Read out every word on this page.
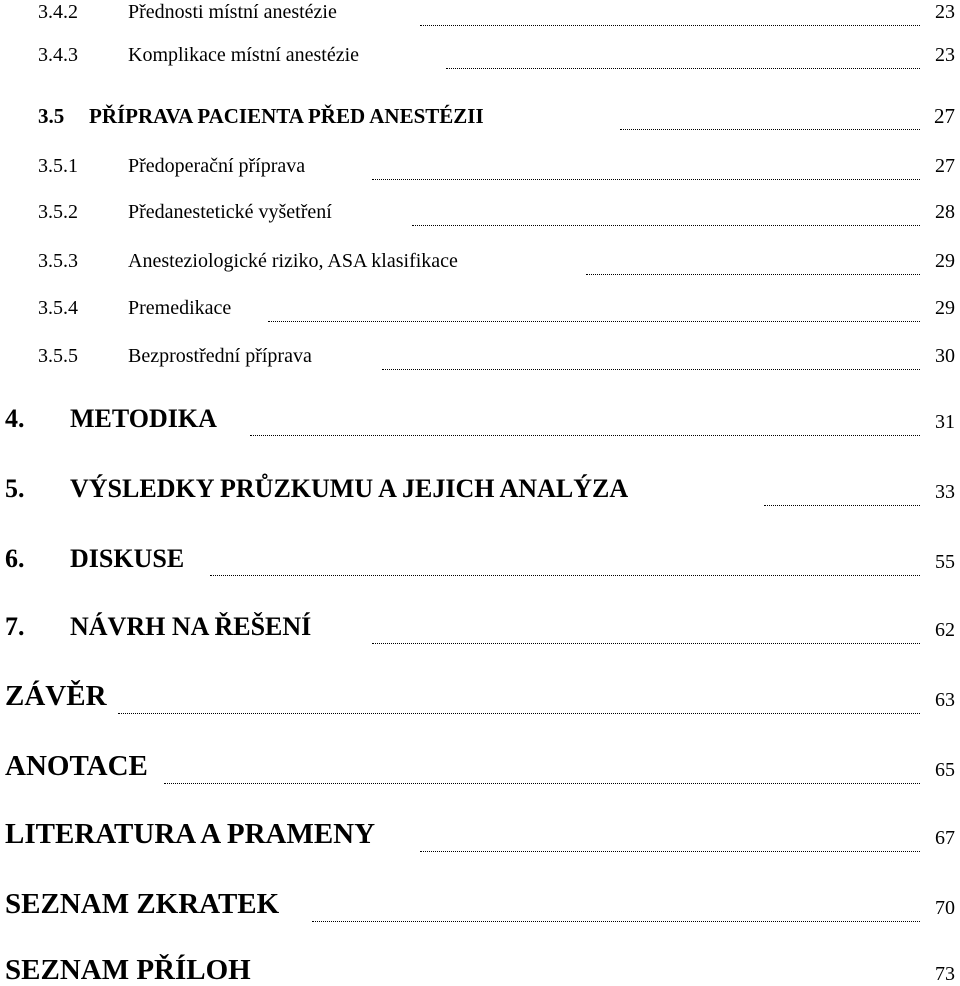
3.4.2	Přednosti místní anestézie	23
3.4.3	Komplikace místní anestézie	23
3.5 PŘÍPRAVA PACIENTA PŘED ANESTÉZII	27
3.5.1	Předoperační příprava	27
3.5.2	Předanestetické vyšetření	28
3.5.3	Anesteziologické riziko, ASA klasifikace	29
3.5.4	Premedikace	29
3.5.5	Bezprostřední příprava	30
4. METODIKA	31
5. VÝSLEDKY PRŮZKUMU A JEJICH ANALÝZA	33
6. DISKUSE	55
7. NÁVRH NA ŘEŠENÍ	62
ZÁVĚR	63
ANOTACE	65
LITERATURA A PRAMENY	67
SEZNAM ZKRATEK	70
SEZNAM PŘÍLOH	73
